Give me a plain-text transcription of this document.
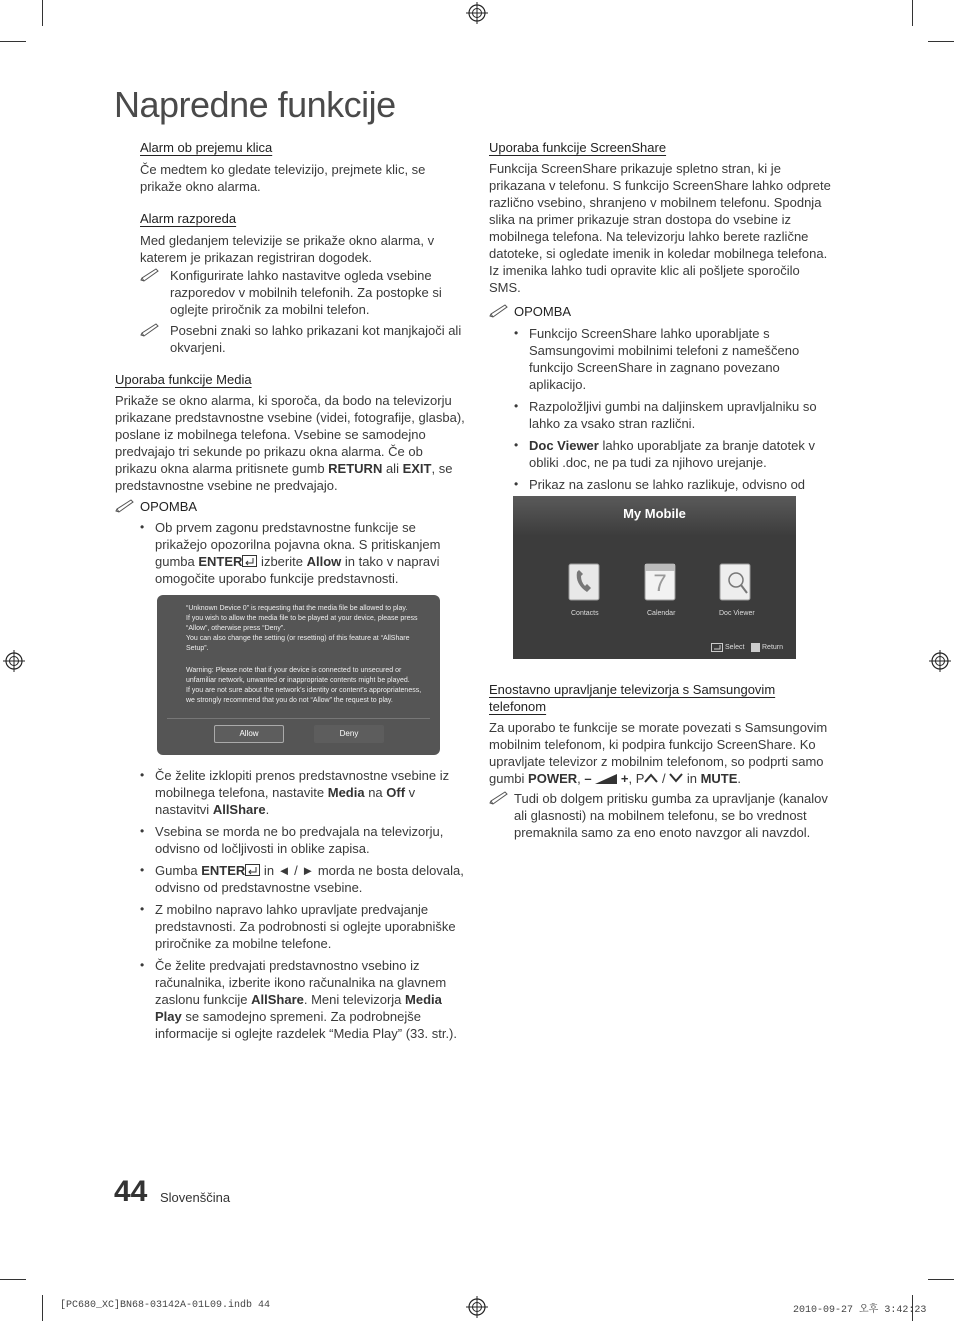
Napredne funkcije

Alarm ob prejemu klica

Če medtem ko gledate televizijo, prejmete klic, se prikaže okno alarma.

Alarm razporeda

Med gledanjem televizije se prikaže okno alarma, v katerem je prikazan registriran dogodek.

Konfigurirate lahko nastavitve ogleda vsebine razporedov v mobilnih telefonih. Za postopke si oglejte priročnik za mobilni telefon.

Posebni znaki so lahko prikazani kot manjkajoči ali okvarjeni.

Uporaba funkcije Media

Prikaže se okno alarma, ki sporoča, da bodo na televizorju prikazane predstavnostne vsebine (videi, fotografije, glasba), poslane iz mobilnega telefona. Vsebine se samodejno predvajajo tri sekunde po prikazu okna alarma. Če ob prikazu okna alarma pritisnete gumb RETURN ali EXIT, se predstavnostne vsebine ne predvajajo.

OPOMBA

• Ob prvem zagonu predstavnostne funkcije se prikažejo opozorilna pojavna okna. S pritiskanjem gumba ENTER izberite Allow in tako v napravi omogočite uporabo funkcije predstavnosti.

“Unknown Device 0” is requesting that the media file be allowed to play.
If you wish to allow the media file to be played at your device, please press
“Allow”, otherwise press “Deny”.
You can also change the setting (or resetting) of this feature at “AllShare
Setup”.
Warning: Please note that if your device is connected to unsecured or
unfamiliar network, unwanted or inappropriate contents might be played.
If you are not sure about the network’s identity or content’s appropriateness,
we strongly recommend that you do not “Allow” the request to play.
Allow	Deny

• Če želite izklopiti prenos predstavnostne vsebine iz mobilnega telefona, nastavite Media na Off v nastavitvi AllShare.

• Vsebina se morda ne bo predvajala na televizorju, odvisno od ločljivosti in oblike zapisa.

• Gumba ENTER in ◄ / ► morda ne bosta delovala, odvisno od predstavnostne vsebine.

• Z mobilno napravo lahko upravljate predvajanje predstavnosti. Za podrobnosti si oglejte uporabniške priročnike za mobilne telefone.

• Če želite predvajati predstavnostno vsebino iz računalnika, izberite ikono računalnika na glavnem zaslonu funkcije AllShare. Meni televizorja Media Play se samodejno spremeni. Za podrobnejše informacije si oglejte razdelek “Media Play” (33. str.).

Uporaba funkcije ScreenShare

Funkcija ScreenShare prikazuje spletno stran, ki je prikazana v telefonu. S funkcijo ScreenShare lahko odprete različno vsebino, shranjeno v mobilnem telefonu. Spodnja slika na primer prikazuje stran dostopa do vsebine iz mobilnega telefona. Na televizorju lahko berete različne datoteke, si ogledate imenik in koledar mobilnega telefona. Iz imenika lahko tudi opravite klic ali pošljete sporočilo SMS.

OPOMBA

• Funkcijo ScreenShare lahko uporabljate s Samsungovimi mobilnimi telefoni z nameščeno funkcijo ScreenShare in zagnano povezano aplikacijo.

• Razpoložljivi gumbi na daljinskem upravljalniku so lahko za vsako stran različni.

• Doc Viewer lahko uporabljate za branje datotek v obliki .doc, ne pa tudi za njihovo urejanje.

• Prikaz na zaslonu se lahko razlikuje, odvisno od

My Mobile
Contacts
7
Calendar	Doc Viewer
Select	Return

Enostavno upravljanje televizorja s Samsungovim telefonom

Za uporabo te funkcije se morate povezati s Samsungovim mobilnim telefonom, ki podpira funkcijo ScreenShare. Ko upravljate televizor z mobilnim telefonom, so podprti samo gumbi POWER, – +, P /  in MUTE.

Tudi ob dolgem pritisku gumba za upravljanje (kanalov ali glasnosti) na mobilnem telefonu, se bo vrednost premaknila samo za eno enoto navzgor ali navzdol.

44 Slovenščina
[PC680_XC]BN68-03142A-01L09.indb 44	2010-09-27 오후 3:42:23
